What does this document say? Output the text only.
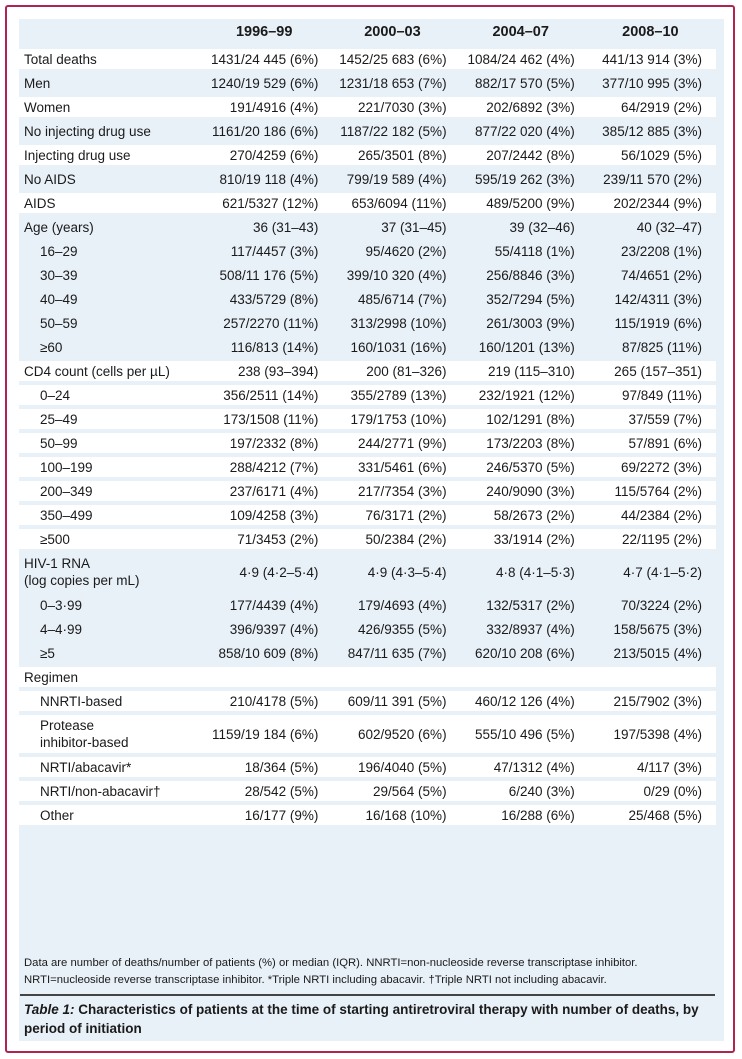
	1996–99	2000–03	2004–07	2008–10
Total deaths	1431/24 445 (6%)	1452/25 683 (6%)	1084/24 462 (4%)	441/13 914 (3%)
Men	1240/19 529 (6%)	1231/18 653 (7%)	882/17 570 (5%)	377/10 995 (3%)
Women	191/4916 (4%)	221/7030 (3%)	202/6892 (3%)	64/2919 (2%)
No injecting drug use	1161/20 186 (6%)	1187/22 182 (5%)	877/22 020 (4%)	385/12 885 (3%)
Injecting drug use	270/4259 (6%)	265/3501 (8%)	207/2442 (8%)	56/1029 (5%)
No AIDS	810/19 118 (4%)	799/19 589 (4%)	595/19 262 (3%)	239/11 570 (2%)
AIDS	621/5327 (12%)	653/6094 (11%)	489/5200 (9%)	202/2344 (9%)
Age (years)	36 (31–43)	37 (31–45)	39 (32–46)	40 (32–47)
16–29	117/4457 (3%)	95/4620 (2%)	55/4118 (1%)	23/2208 (1%)
30–39	508/11 176 (5%)	399/10 320 (4%)	256/8846 (3%)	74/4651 (2%)
40–49	433/5729 (8%)	485/6714 (7%)	352/7294 (5%)	142/4311 (3%)
50–59	257/2270 (11%)	313/2998 (10%)	261/3003 (9%)	115/1919 (6%)
≥60	116/813 (14%)	160/1031 (16%)	160/1201 (13%)	87/825 (11%)
CD4 count (cells per µL)	238 (93–394)	200 (81–326)	219 (115–310)	265 (157–351)
0–24	356/2511 (14%)	355/2789 (13%)	232/1921 (12%)	97/849 (11%)
25–49	173/1508 (11%)	179/1753 (10%)	102/1291 (8%)	37/559 (7%)
50–99	197/2332 (8%)	244/2771 (9%)	173/2203 (8%)	57/891 (6%)
100–199	288/4212 (7%)	331/5461 (6%)	246/5370 (5%)	69/2272 (3%)
200–349	237/6171 (4%)	217/7354 (3%)	240/9090 (3%)	115/5764 (2%)
350–499	109/4258 (3%)	76/3171 (2%)	58/2673 (2%)	44/2384 (2%)
≥500	71/3453 (2%)	50/2384 (2%)	33/1914 (2%)	22/1195 (2%)
HIV-1 RNA
(log copies per mL)	4·9 (4·2–5·4)	4·9 (4·3–5·4)	4·8 (4·1–5·3)	4·7 (4·1–5·2)
0–3·99	177/4439 (4%)	179/4693 (4%)	132/5317 (2%)	70/3224 (2%)
4–4·99	396/9397 (4%)	426/9355 (5%)	332/8937 (4%)	158/5675 (3%)
≥5	858/10 609 (8%)	847/11 635 (7%)	620/10 208 (6%)	213/5015 (4%)
Regimen				
NNRTI-based	210/4178 (5%)	609/11 391 (5%)	460/12 126 (4%)	215/7902 (3%)
Protease
inhibitor-based	1159/19 184 (6%)	602/9520 (6%)	555/10 496 (5%)	197/5398 (4%)
NRTI/abacavir*	18/364 (5%)	196/4040 (5%)	47/1312 (4%)	4/117 (3%)
NRTI/non-abacavir†	28/542 (5%)	29/564 (5%)	6/240 (3%)	0/29 (0%)
Other	16/177 (9%)	16/168 (10%)	16/288 (6%)	25/468 (5%)
Data are number of deaths/number of patients (%) or median (IQR). NNRTI=non-nucleoside reverse transcriptase inhibitor. NRTI=nucleoside reverse transcriptase inhibitor. *Triple NRTI including abacavir. †Triple NRTI not including abacavir.
Table 1: Characteristics of patients at the time of starting antiretroviral therapy with number of deaths, by period of initiation
